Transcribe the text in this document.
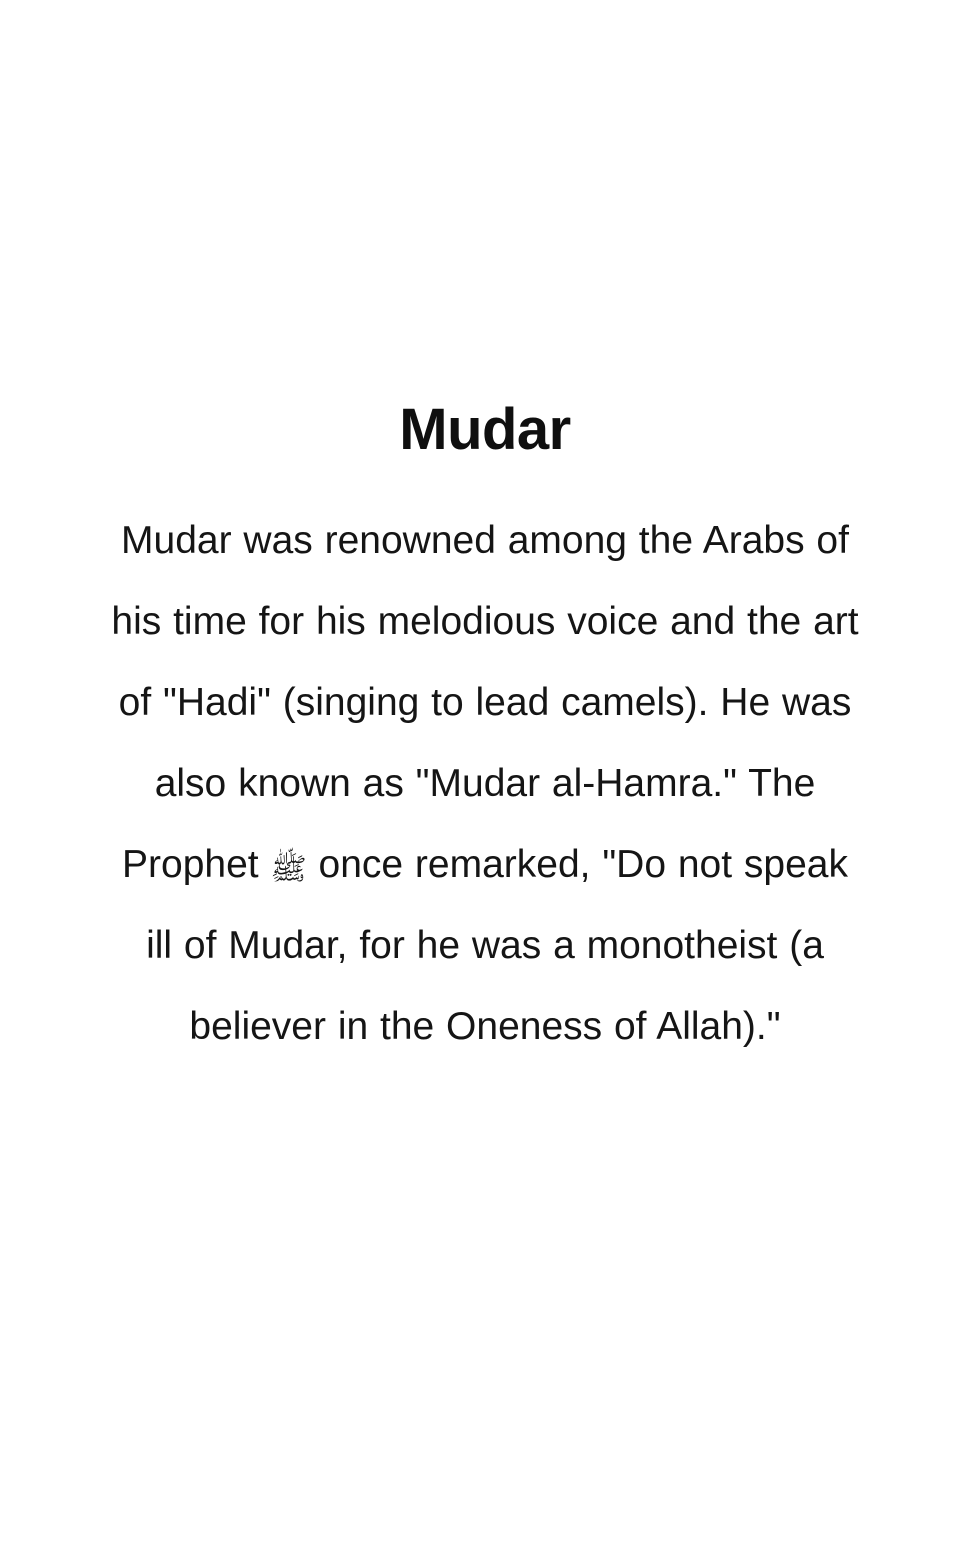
Mudar

Mudar was renowned among the Arabs of his time for his melodious voice and the art of "Hadi" (singing to lead camels). He was also known as "Mudar al-Hamra." The Prophet ﷺ once remarked, "Do not speak ill of Mudar, for he was a monotheist (a believer in the Oneness of Allah)."
